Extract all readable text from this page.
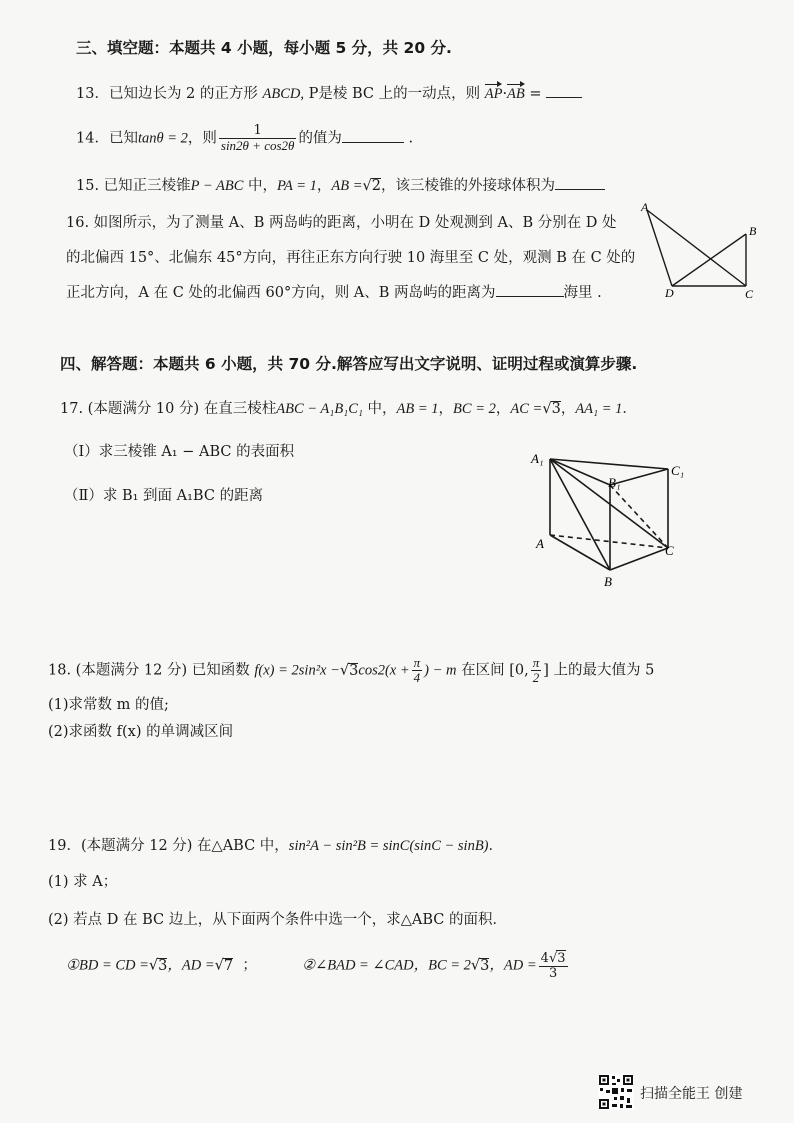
三、填空题：本题共 4 小题，每小题 5 分，共 20 分.
13．已知边长为 2 的正方形 ABCD, P是棱 BC 上的一动点，则 AP·AB =
14．已知tanθ = 2，则 $\frac{1}{\sin 2\theta + \cos 2\theta}$ 的值为	.
15. 已知正三棱锥P − ABC 中，PA = 1，AB =√2，该三棱锥的外接球体积为
16. 如图所示，为了测量 A、B 两岛屿的距离，小明在 D 处观测到 A、B 分别在 D 处
的北偏西 15°、北偏东 45°方向，再往正东方向行驶 10 海里至 C 处，观测 B 在 C 处的
正北方向，A 在 C 处的北偏西 60°方向，则 A、B 两岛屿的距离为	海里 .
A
B
C
D
四、解答题：本题共 6 小题，共 70 分.解答应写出文字说明、证明过程或演算步骤.
17. (本题满分 10 分) 在直三棱柱ABC − A₁B₁C₁ 中，AB = 1，BC = 2，AC =√3，AA₁ = 1．
（Ⅰ）求三棱锥 A₁ − ABC 的表面积
（Ⅱ）求 B₁ 到面 A₁BC 的距离
A₁
B₁
C₁
A
B
C
18. (本题满分 12 分) 已知函数 $f(x) = 2\sin^2x -√3\cos 2(x + \frac{\pi}{4}$ ) − m 在区间 [0, $\frac{\pi}{2}$ ] 上的最大值为 5
(1)求常数 m 的值;
(2)求函数 f(x) 的单调减区间
19．(本题满分 12 分) 在△ABC 中，sin²A − sin²B = sinC(sinC − sinB)．
(1) 求 A；
(2) 若点 D 在 BC 边上，从下面两个条件中选一个，求△ABC 的面积．
①BD = CD =√3，AD =√7 ；	②∠BAD = ∠CAD，BC = 2√3，AD = $\frac{4√3}{3}$
扫描全能王 创建
